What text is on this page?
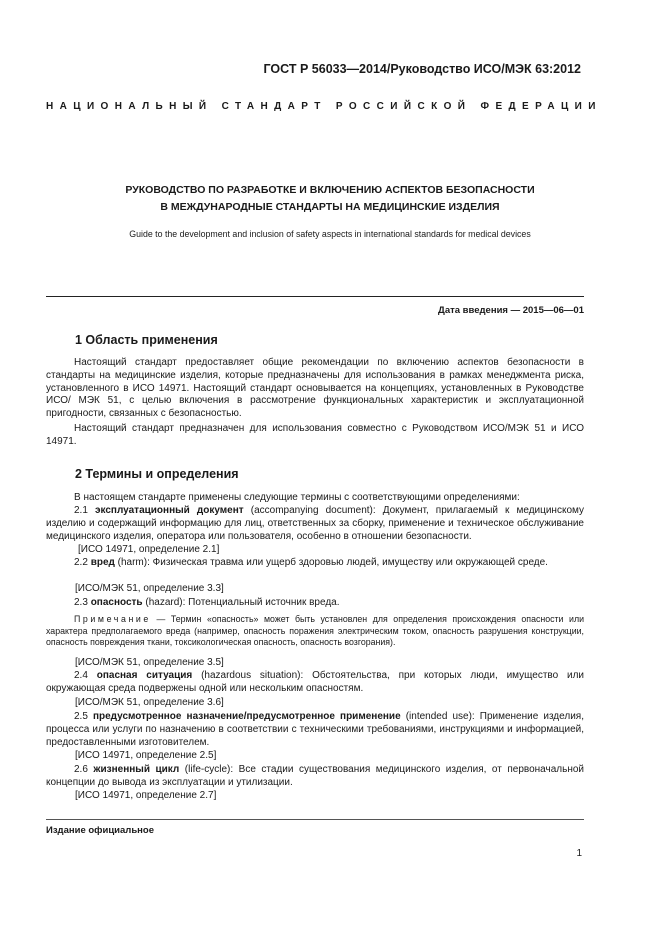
ГОСТ Р 56033—2014/Руководство ИСО/МЭК 63:2012
НАЦИОНАЛЬНЫЙ СТАНДАРТ РОССИЙСКОЙ ФЕДЕРАЦИИ
РУКОВОДСТВО ПО РАЗРАБОТКЕ И ВКЛЮЧЕНИЮ АСПЕКТОВ БЕЗОПАСНОСТИ
В МЕЖДУНАРОДНЫЕ СТАНДАРТЫ НА МЕДИЦИНСКИЕ ИЗДЕЛИЯ
Guide to the development and inclusion of safety aspects in international standards for medical devices
Дата введения — 2015—06—01
1 Область применения
Настоящий стандарт предоставляет общие рекомендации по включению аспектов безопасности в стандарты на медицинские изделия, которые предназначены для использования в рамках менеджмента риска, установленного в ИСО 14971. Настоящий стандарт основывается на концепциях, установленных в Руководстве ИСО/ МЭК 51, с целью включения в рассмотрение функциональных характеристик и эксплуатационной пригодности, связанных с безопасностью.
Настоящий стандарт предназначен для использования совместно с Руководством ИСО/МЭК 51 и ИСО 14971.
2 Термины и определения
В настоящем стандарте применены следующие термины с соответствующими определениями:
2.1 эксплуатационный документ (accompanying document): Документ, прилагаемый к медицинскому изделию и содержащий информацию для лиц, ответственных за сборку, применение и техническое обслуживание медицинского изделия, оператора или пользователя, особенно в отношении безопасности.
[ИСО 14971, определение 2.1]
2.2 вред (harm): Физическая травма или ущерб здоровью людей, имуществу или окружающей среде.
[ИСО/МЭК 51, определение 3.3]
2.3 опасность (hazard): Потенциальный источник вреда.
Примечание — Термин «опасность» может быть установлен для определения происхождения опасности или характера предполагаемого вреда (например, опасность поражения электрическим током, опасность разрушения конструкции, опасность повреждения ткани, токсикологическая опасность, опасность возгорания).
[ИСО/МЭК 51, определение 3.5]
2.4 опасная ситуация (hazardous situation): Обстоятельства, при которых люди, имущество или окружающая среда подвержены одной или нескольким опасностям.
[ИСО/МЭК 51, определение 3.6]
2.5 предусмотренное назначение/предусмотренное применение (intended use): Применение изделия, процесса или услуги по назначению в соответствии с техническими требованиями, инструкциями и информацией, предоставленными изготовителем.
[ИСО 14971, определение 2.5]
2.6 жизненный цикл (life-cycle): Все стадии существования медицинского изделия, от первоначальной концепции до вывода из эксплуатации и утилизации.
[ИСО 14971, определение 2.7]
Издание официальное
1
